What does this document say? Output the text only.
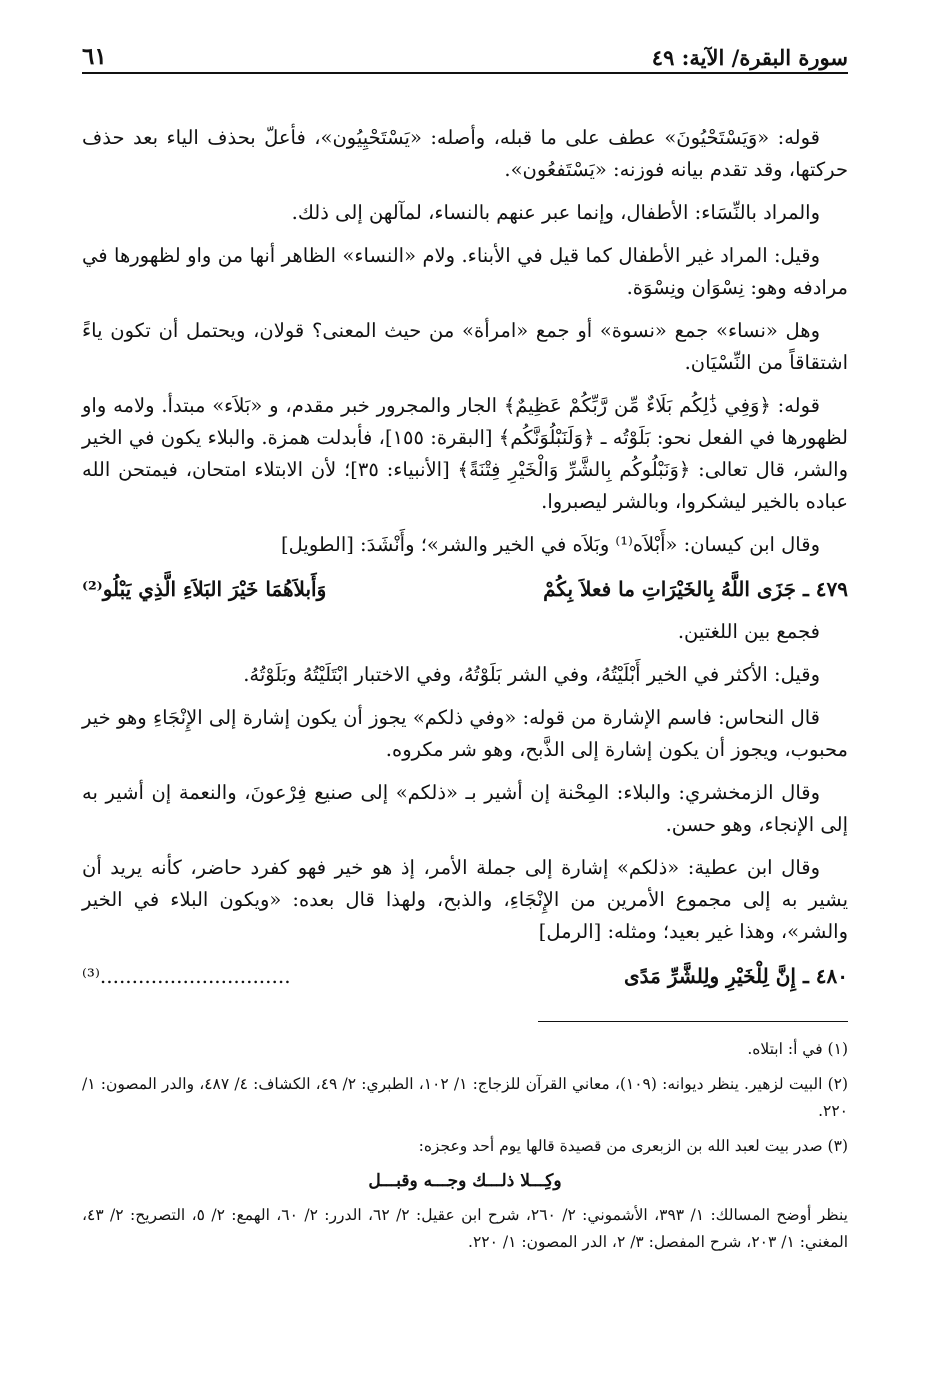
سورة البقرة/ الآية: ٤٩
٦١

قوله: «وَيَسْتَحْيُونَ» عطف على ما قبله، وأصله: «يَسْتَحْيِيُون»، فأعلّ بحذف الياء بعد حذف حركتها، وقد تقدم بيانه فوزنه: «يَسْتَفعُون».

والمراد بالنِّسَاء: الأطفال، وإنما عبر عنهم بالنساء، لمآلهن إلى ذلك.

وقيل: المراد غير الأطفال كما قيل في الأبناء. ولام «النساء» الظاهر أنها من واو لظهورها في مرادفه وهو: نِسْوَان ونِسْوَة.

وهل «نساء» جمع «نسوة» أو جمع «امرأة» من حيث المعنى؟ قولان، ويحتمل أن تكون ياءً اشتقاقاً من النِّسْيَان.

قوله: ﴿وَفِي ذَٰلِكُم بَلَاءٌ مِّن رَّبِّكُمْ عَظِيمٌ﴾ الجار والمجرور خبر مقدم، و «بَلاَء» مبتدأ. ولامه واو لظهورها في الفعل نحو: بَلَوْتُه ـ ﴿وَلَنَبْلُوَنَّكُم﴾ [البقرة: ١٥٥]، فأبدلت همزة. والبلاء يكون في الخير والشر، قال تعالى: ﴿وَنَبْلُوكُم بِالشَّرِّ وَالْخَيْرِ فِتْنَةً﴾ [الأنبياء: ٣٥]؛ لأن الابتلاء امتحان، فيمتحن الله عباده بالخير ليشكروا، وبالشر ليصبروا.

وقال ابن كيسان: «أَبْلاَه⁽¹⁾ وبَلاَه في الخير والشر»؛ وأَنْشَدَ: [الطويل]

٤٧٩ ـ جَزَى اللَّهُ بِالخَيْرَاتِ ما فعلاَ بِكُمْ
وَأَبلاَهُمَا خَيْرَ البَلاَءِ الَّذِي يَبْلُو⁽²⁾

فجمع بين اللغتين.

وقيل: الأكثر في الخير أَبْلَيْتُهُ، وفي الشر بَلَوْتُهُ، وفي الاختبار ابْتَلَيْتُهُ وبَلَوْتُهُ.

قال النحاس: فاسم الإشارة من قوله: «وفي ذلكم» يجوز أن يكون إشارة إلى الإِنْجَاءِ وهو خير محبوب، ويجوز أن يكون إشارة إلى الذَّبح، وهو شر مكروه.

وقال الزمخشري: والبلاء: المِحْنة إن أشير بـ «ذلكم» إلى صنيع فِرْعونَ، والنعمة إن أشير به إلى الإنجاء، وهو حسن.

وقال ابن عطية: «ذلكم» إشارة إلى جملة الأمر، إذ هو خير فهو كفرد حاضر، كأنه يريد أن يشير به إلى مجموع الأمرين من الإِنْجَاءِ، والذبح، ولهذا قال بعده: «ويكون البلاء في الخير والشر»، وهذا غير بعيد؛ ومثله: [الرمل]

٤٨٠ ـ إِنَّ لِلْخَيْرِ ولِلشَّرِّ مَدًى
..............................⁽³⁾

(١) في أ: ابتلاه.

(٢) البيت لزهير. ينظر ديوانه: (١٠٩)، معاني القرآن للزجاج: ١/ ١٠٢، الطبري: ٢/ ٤٩، الكشاف: ٤/ ٤٨٧، والدر المصون: ١/ ٢٢٠.

(٣) صدر بيت لعبد الله بن الزبعرى من قصيدة قالها يوم أحد وعجزه:

وكِـــلا ذلـــك وجـــه وقبـــل

ينظر أوضح المسالك: ١/ ٣٩٣، الأشموني: ٢/ ٢٦٠، شرح ابن عقيل: ٢/ ٦٢، الدرر: ٢/ ٦٠، الهمع: ٢/ ٥، التصريح: ٢/ ٤٣، المغني: ١/ ٢٠٣، شرح المفصل: ٣/ ٢، الدر المصون: ١/ ٢٢٠.
